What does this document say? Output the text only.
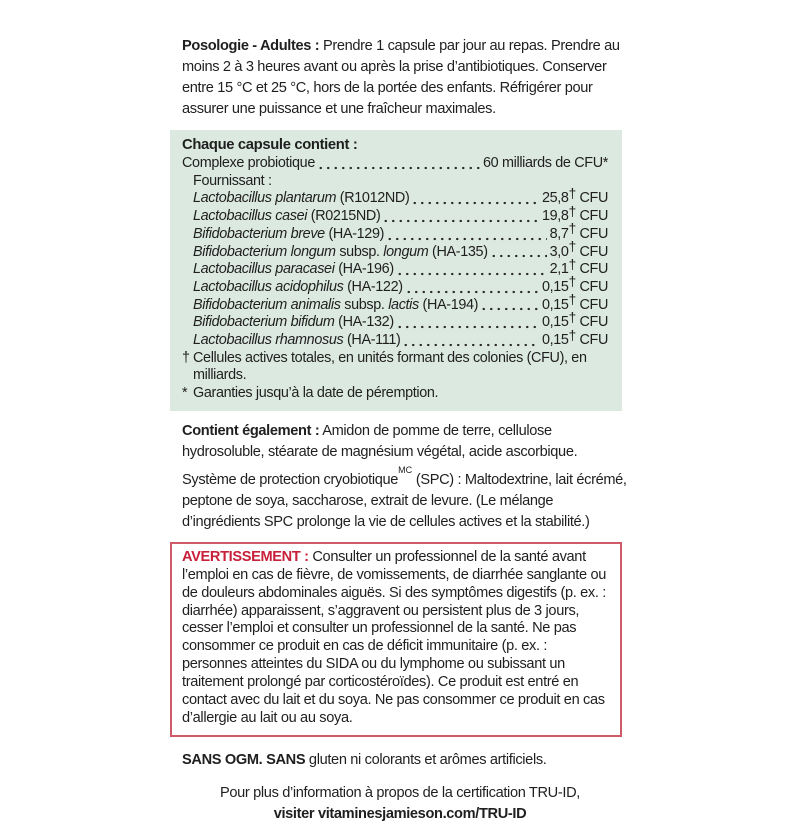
Posologie - Adultes : Prendre 1 capsule par jour au repas. Prendre au moins 2 à 3 heures avant ou après la prise d’antibiotiques. Conserver entre 15 °C et 25 °C, hors de la portée des enfants. Réfrigérer pour assurer une puissance et une fraîcheur maximales.

Chaque capsule contient :
Complexe probiotique	60 milliards de CFU*
Fournissant :
Lactobacillus plantarum (R1012ND)	25,8† CFU
Lactobacillus casei (R0215ND)	19,8† CFU
Bifidobacterium breve (HA-129)	8,7† CFU
Bifidobacterium longum subsp. longum (HA-135)	3,0† CFU
Lactobacillus paracasei (HA-196)	2,1† CFU
Lactobacillus acidophilus (HA-122)	0,15† CFU
Bifidobacterium animalis subsp. lactis (HA-194)	0,15† CFU
Bifidobacterium bifidum (HA-132)	0,15† CFU
Lactobacillus rhamnosus (HA-111)	0,15† CFU
† Cellules actives totales, en unités formant des colonies (CFU), en milliards.
* Garanties jusqu’à la date de péremption.

Contient également : Amidon de pomme de terre, cellulose hydrosoluble, stéarate de magnésium végétal, acide ascorbique.

Système de protection cryobiotique$^{MC}$ (SPC) : Maltodextrine, lait écrémé, peptone de soya, saccharose, extrait de levure. (Le mélange d’ingrédients SPC prolonge la vie de cellules actives et la stabilité.)

AVERTISSEMENT : Consulter un professionnel de la santé avant l’emploi en cas de fièvre, de vomissements, de diarrhée sanglante ou de douleurs abdominales aiguës. Si des symptômes digestifs (p. ex. : diarrhée) apparaissent, s’aggravent ou persistent plus de 3 jours, cesser l’emploi et consulter un professionnel de la santé. Ne pas consommer ce produit en cas de déficit immunitaire (p. ex. : personnes atteintes du SIDA ou du lymphome ou subissant un traitement prolongé par corticostéroïdes). Ce produit est entré en contact avec du lait et du soya. Ne pas consommer ce produit en cas d’allergie au lait ou au soya.

SANS OGM. SANS gluten ni colorants et arômes artificiels.

Pour plus d’information à propos de la certification TRU-ID,
visiter vitaminesjamieson.com/TRU-ID
